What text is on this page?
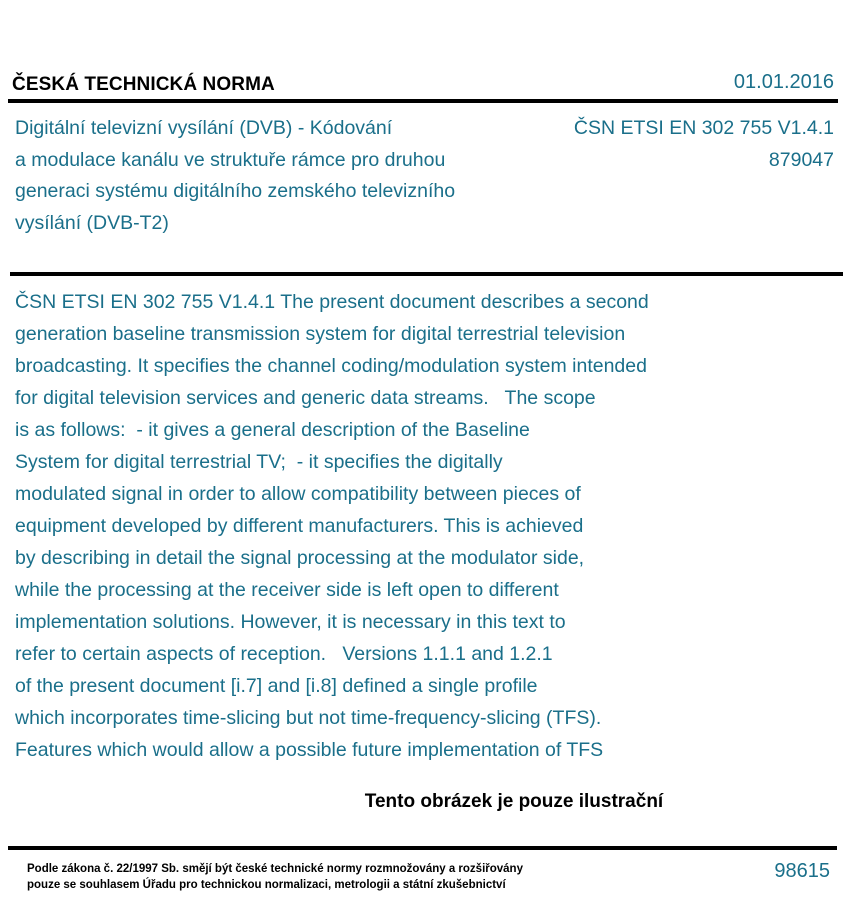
ČESKÁ TECHNICKÁ NORMA	01.01.2016
Digitální televizní vysílání (DVB) - Kódování
a modulace kanálu ve struktuře rámce pro druhou
generaci systému digitálního zemského televizního
vysílání (DVB-T2)
ČSN ETSI EN 302 755 V1.4.1
879047
ČSN ETSI EN 302 755 V1.4.1 The present document describes a second
generation baseline transmission system for digital terrestrial television
broadcasting. It specifies the channel coding/modulation system intended
for digital television services and generic data streams.   The scope
is as follows:  - it gives a general description of the Baseline
System for digital terrestrial TV;  - it specifies the digitally
modulated signal in order to allow compatibility between pieces of
equipment developed by different manufacturers. This is achieved
by describing in detail the signal processing at the modulator side,
while the processing at the receiver side is left open to different
implementation solutions. However, it is necessary in this text to
refer to certain aspects of reception.   Versions 1.1.1 and 1.2.1
of the present document [i.7] and [i.8] defined a single profile
which incorporates time-slicing but not time-frequency-slicing (TFS).
Features which would allow a possible future implementation of TFS
Tento obrázek je pouze ilustrační
Podle zákona č. 22/1997 Sb. smějí být české technické normy rozmnožovány a rozšiřovány
pouze se souhlasem Úřadu pro technickou normalizaci, metrologii a státní zkušebnictví
98615
